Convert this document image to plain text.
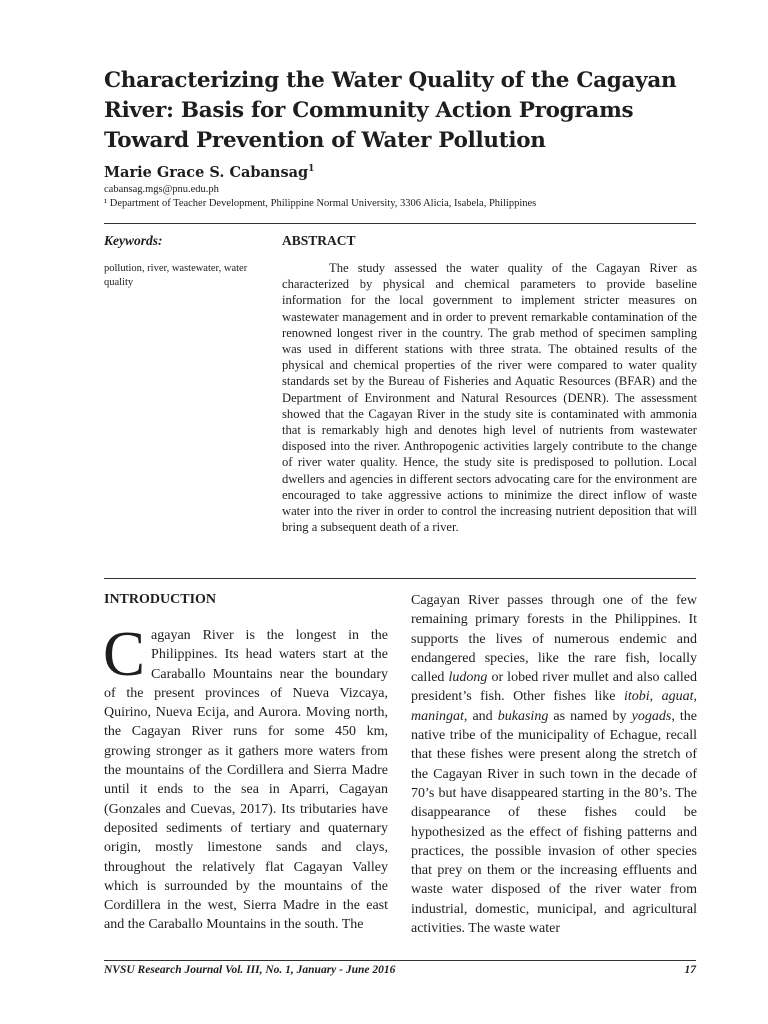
Characterizing the Water Quality of the Cagayan River: Basis for Community Action Programs Toward Prevention of Water Pollution
Marie Grace S. Cabansag$^1$
cabansag.mgs@pnu.edu.ph
¹ Department of Teacher Development, Philippine Normal University, 3306 Alicia, Isabela, Philippines
Keywords:
pollution, river, wastewater, water quality
ABSTRACT

The study assessed the water quality of the Cagayan River as characterized by physical and chemical parameters to provide baseline information for the local government to implement stricter measures on wastewater management and in order to prevent remarkable contamination of the renowned longest river in the country. The grab method of specimen sampling was used in different stations with three strata. The obtained results of the physical and chemical properties of the river were compared to water quality standards set by the Bureau of Fisheries and Aquatic Resources (BFAR) and the Department of Environment and Natural Resources (DENR). The assessment showed that the Cagayan River in the study site is contaminated with ammonia that is remarkably high and denotes high level of nutrients from wastewater disposed into the river. Anthropogenic activities largely contribute to the change of river water quality. Hence, the study site is predisposed to pollution. Local dwellers and agencies in different sectors advocating care for the environment are encouraged to take aggressive actions to minimize the direct inflow of waste water into the river in order to control the increasing nutrient deposition that will bring a subsequent death of a river.

INTRODUCTION

Cagayan River is the longest in the Philippines. Its head waters start at the Caraballo Mountains near the boundary of the present provinces of Nueva Vizcaya, Quirino, Nueva Ecija, and Aurora. Moving north, the Cagayan River runs for some 450 km, growing stronger as it gathers more waters from the mountains of the Cordillera and Sierra Madre until it ends to the sea in Aparri, Cagayan (Gonzales and Cuevas, 2017). Its tributaries have deposited sediments of tertiary and quaternary origin, mostly limestone sands and clays, throughout the relatively flat Cagayan Valley which is surrounded by the mountains of the Cordillera in the west, Sierra Madre in the east and the Caraballo Mountains in the south. The

Cagayan River passes through one of the few remaining primary forests in the Philippines. It supports the lives of numerous endemic and endangered species, like the rare fish, locally called ludong or lobed river mullet and also called president’s fish. Other fishes like itobi, aguat, maningat, and bukasing as named by yogads, the native tribe of the municipality of Echague, recall that these fishes were present along the stretch of the Cagayan River in such town in the decade of 70’s but have disappeared starting in the 80’s. The disappearance of these fishes could be hypothesized as the effect of fishing patterns and practices, the possible invasion of other species that prey on them or the increasing effluents and waste water disposed of the river water from industrial, domestic, municipal, and agricultural activities. The waste water

NVSU Research Journal Vol. III, No. 1, January - June 2016	17
